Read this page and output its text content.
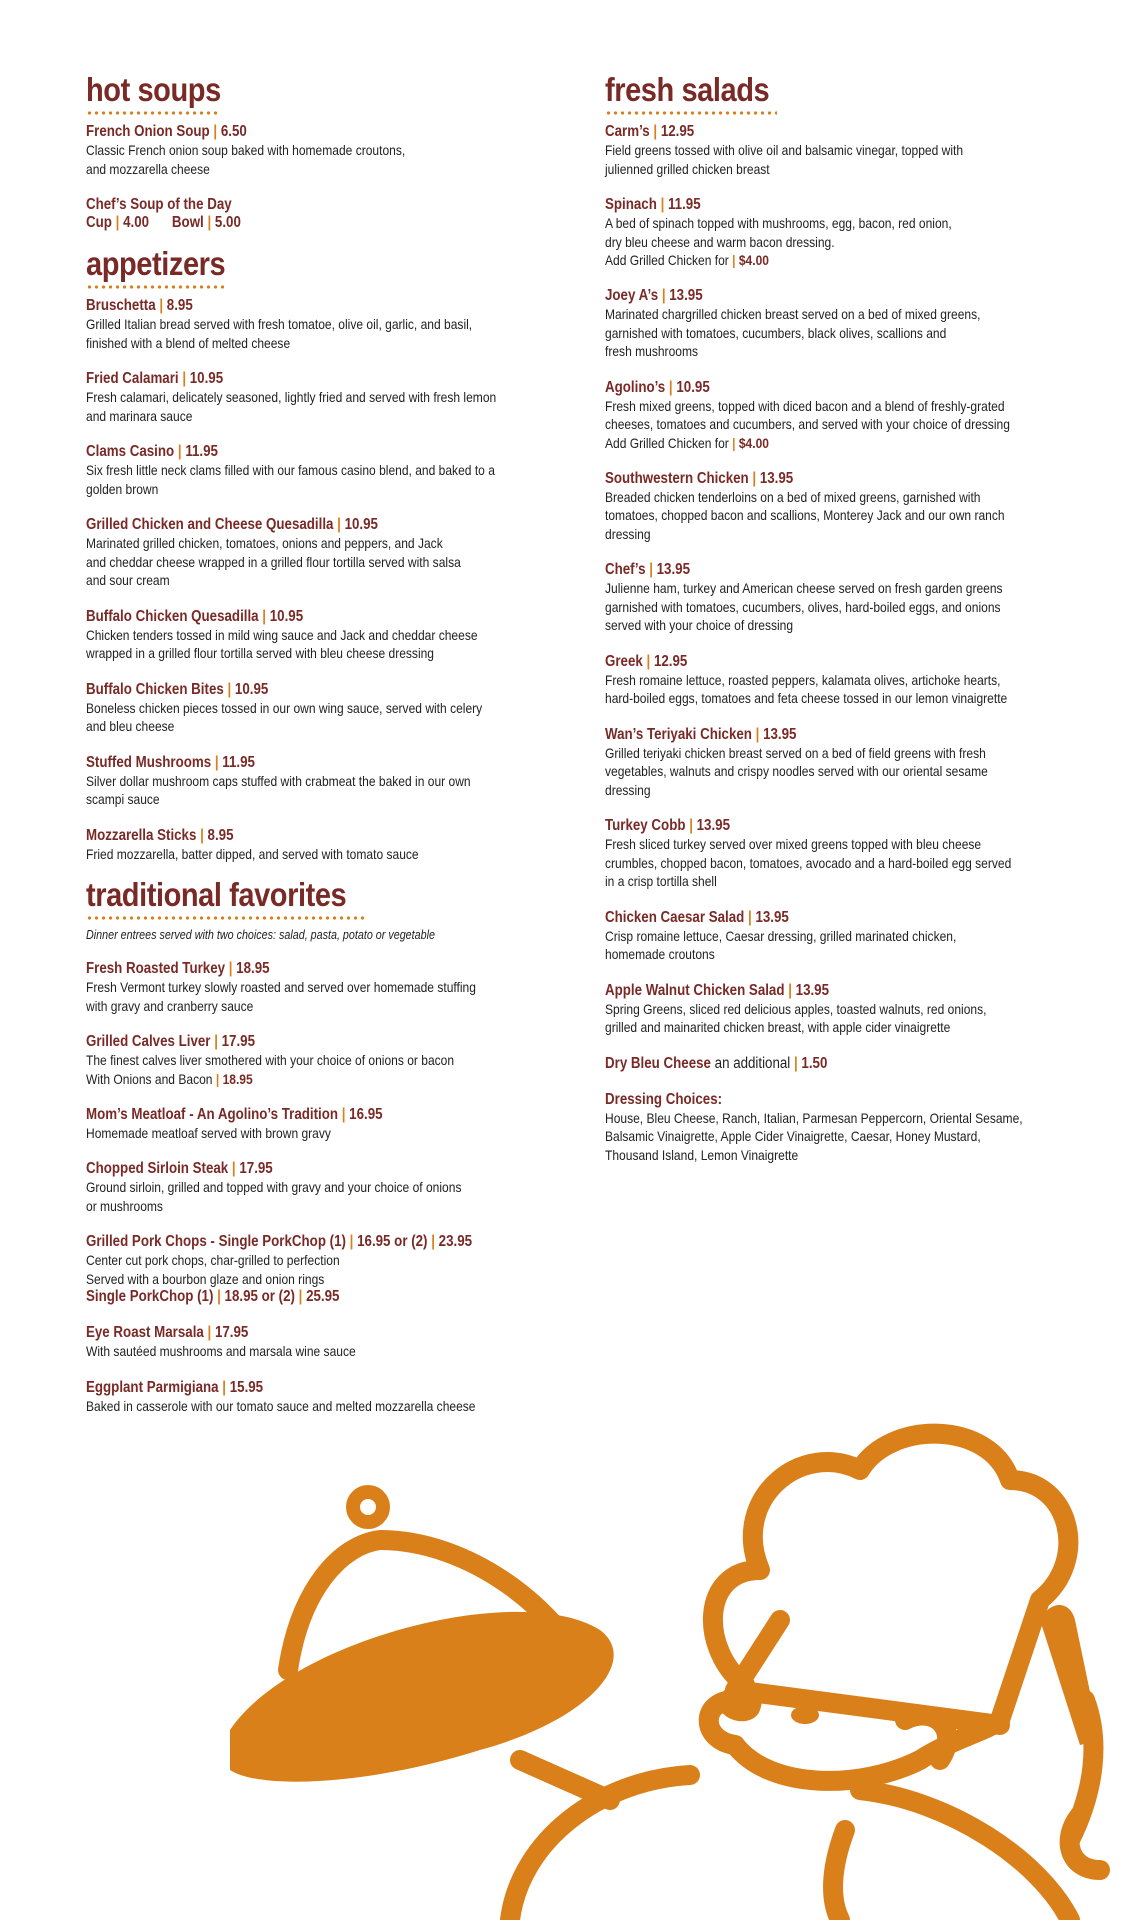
hot soups
French Onion Soup | 6.50
Classic French onion soup baked with homemade croutons,
and mozzarella cheese
Chef’s Soup of the Day
Cup | 4.00 Bowl | 5.00
appetizers
Bruschetta | 8.95
Grilled Italian bread served with fresh tomatoe, olive oil, garlic, and basil,
finished with a blend of melted cheese
Fried Calamari | 10.95
Fresh calamari, delicately seasoned, lightly fried and served with fresh lemon
and marinara sauce
Clams Casino | 11.95
Six fresh little neck clams filled with our famous casino blend, and baked to a
golden brown
Grilled Chicken and Cheese Quesadilla | 10.95
Marinated grilled chicken, tomatoes, onions and peppers, and Jack
and cheddar cheese wrapped in a grilled flour tortilla served with salsa
and sour cream
Buffalo Chicken Quesadilla | 10.95
Chicken tenders tossed in mild wing sauce and Jack and cheddar cheese
wrapped in a grilled flour tortilla served with bleu cheese dressing
Buffalo Chicken Bites | 10.95
Boneless chicken pieces tossed in our own wing sauce, served with celery
and bleu cheese
Stuffed Mushrooms | 11.95
Silver dollar mushroom caps stuffed with crabmeat the baked in our own
scampi sauce
Mozzarella Sticks | 8.95
Fried mozzarella, batter dipped, and served with tomato sauce
traditional favorites
Dinner entrees served with two choices: salad, pasta, potato or vegetable
Fresh Roasted Turkey | 18.95
Fresh Vermont turkey slowly roasted and served over homemade stuffing
with gravy and cranberry sauce
Grilled Calves Liver | 17.95
The finest calves liver smothered with your choice of onions or bacon
With Onions and Bacon | 18.95
Mom’s Meatloaf - An Agolino’s Tradition | 16.95
Homemade meatloaf served with brown gravy
Chopped Sirloin Steak | 17.95
Ground sirloin, grilled and topped with gravy and your choice of onions
or mushrooms
Grilled Pork Chops - Single PorkChop (1) | 16.95 or (2) | 23.95
Center cut pork chops, char-grilled to perfection
Served with a bourbon glaze and onion rings
Single PorkChop (1) | 18.95 or (2) | 25.95
Eye Roast Marsala | 17.95
With sautéed mushrooms and marsala wine sauce
Eggplant Parmigiana | 15.95
Baked in casserole with our tomato sauce and melted mozzarella cheese
fresh salads
Carm’s | 12.95
Field greens tossed with olive oil and balsamic vinegar, topped with
julienned grilled chicken breast
Spinach | 11.95
A bed of spinach topped with mushrooms, egg, bacon, red onion,
dry bleu cheese and warm bacon dressing.
Add Grilled Chicken for | $4.00
Joey A’s | 13.95
Marinated chargrilled chicken breast served on a bed of mixed greens,
garnished with tomatoes, cucumbers, black olives, scallions and
fresh mushrooms
Agolino’s | 10.95
Fresh mixed greens, topped with diced bacon and a blend of freshly-grated
cheeses, tomatoes and cucumbers, and served with your choice of dressing
Add Grilled Chicken for | $4.00
Southwestern Chicken | 13.95
Breaded chicken tenderloins on a bed of mixed greens, garnished with
tomatoes, chopped bacon and scallions, Monterey Jack and our own ranch
dressing
Chef’s | 13.95
Julienne ham, turkey and American cheese served on fresh garden greens
garnished with tomatoes, cucumbers, olives, hard-boiled eggs, and onions
served with your choice of dressing
Greek | 12.95
Fresh romaine lettuce, roasted peppers, kalamata olives, artichoke hearts,
hard-boiled eggs, tomatoes and feta cheese tossed in our lemon vinaigrette
Wan’s Teriyaki Chicken | 13.95
Grilled teriyaki chicken breast served on a bed of field greens with fresh
vegetables, walnuts and crispy noodles served with our oriental sesame
dressing
Turkey Cobb | 13.95
Fresh sliced turkey served over mixed greens topped with bleu cheese
crumbles, chopped bacon, tomatoes, avocado and a hard-boiled egg served
in a crisp tortilla shell
Chicken Caesar Salad | 13.95
Crisp romaine lettuce, Caesar dressing, grilled marinated chicken,
homemade croutons
Apple Walnut Chicken Salad | 13.95
Spring Greens, sliced red delicious apples, toasted walnuts, red onions,
grilled and mainarited chicken breast, with apple cider vinaigrette
Dry Bleu Cheese an additional | 1.50
Dressing Choices:
House, Bleu Cheese, Ranch, Italian, Parmesan Peppercorn, Oriental Sesame,
Balsamic Vinaigrette, Apple Cider Vinaigrette, Caesar, Honey Mustard,
Thousand Island, Lemon Vinaigrette
